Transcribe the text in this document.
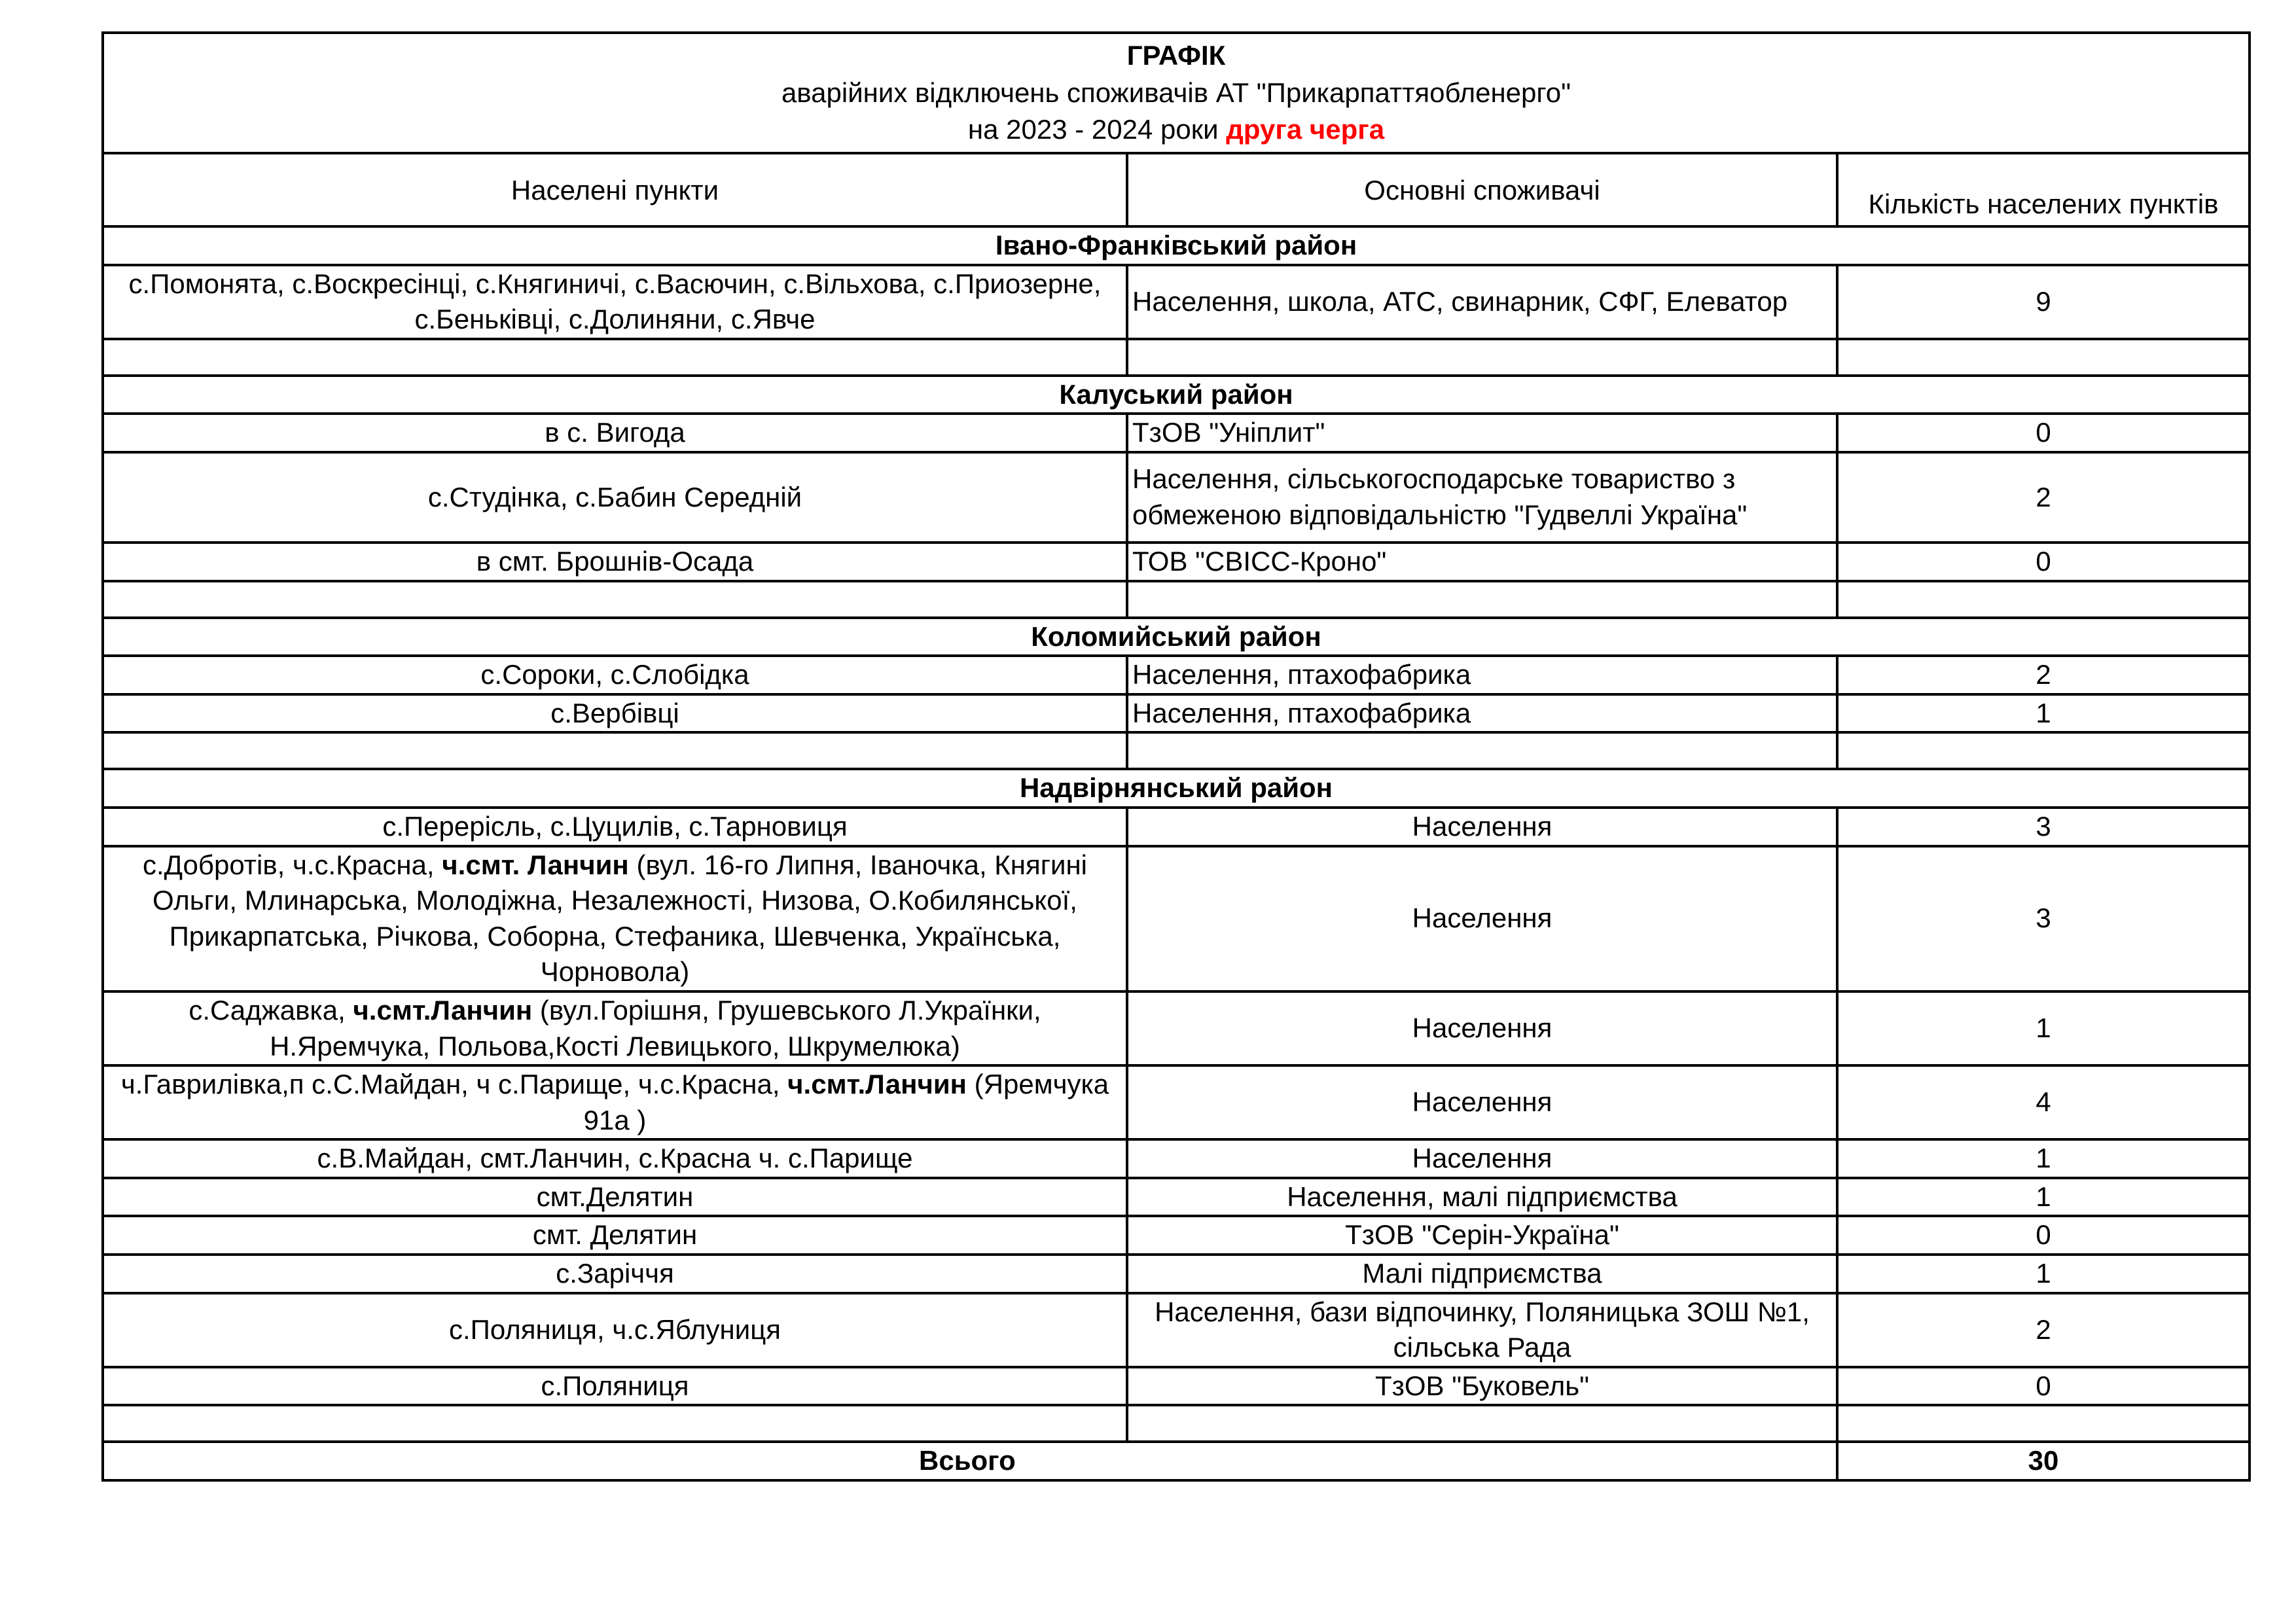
ГРАФІК
аварійних відключень споживачів АТ "Прикарпаттяобленерго"
на 2023 - 2024 роки друга черга		

Населені пункти	Основні споживачі	Кількість населених пунктів
Івано-Франківський район		
с.Помонята, с.Воскресінці, с.Княгиничі, с.Васючин, с.Вільхова, с.Приозерне, с.Беньківці, с.Долиняни, с.Явче	Населення, школа, АТС, свинарник, СФГ, Елеватор	9

Калуський район		
в с. Вигода	ТзОВ "Уніплит"	0
с.Студінка, с.Бабин Середній	Населення, сільськогосподарське товариство з обмеженою відповідальністю "Гудвеллі Україна"	2
в смт. Брошнів-Осада	ТОВ "СВІСС-Кроно"	0

Коломийський район		
с.Сороки, с.Слобідка	Населення, птахофабрика	2
с.Вербівці	Населення, птахофабрика	1

Надвірнянський район		
с.Перерісль, с.Цуцилів, с.Тарновиця	Населення	3
с.Добротів, ч.с.Красна, ч.смт. Ланчин (вул. 16-го Липня, Іваночка, Княгині Ольги, Млинарська, Молодіжна, Незалежності, Низова, О.Кобилянської, Прикарпатська, Річкова, Соборна, Стефаника, Шевченка, Українська, Чорновола)	Населення	3
с.Саджавка, ч.смт.Ланчин (вул.Горішня, Грушевського Л.Українки, Н.Яремчука, Польова,Кості Левицького, Шкрумелюка)	Населення	1
ч.Гаврилівка,п с.С.Майдан, ч с.Парище, ч.с.Красна, ч.смт.Ланчин (Яремчука 91а )	Населення	4
с.В.Майдан, смт.Ланчин, с.Красна ч. с.Парище	Населення	1
смт.Делятин	Населення, малі підприємства	1
смт. Делятин	ТзОВ "Серін-Україна"	0
с.Заріччя	Малі підприємства	1
с.Поляниця, ч.с.Яблуниця	Населення, бази відпочинку, Поляницька ЗОШ №1, сільська Рада	2
с.Поляниця	ТзОВ "Буковель"	0

Всього		30
